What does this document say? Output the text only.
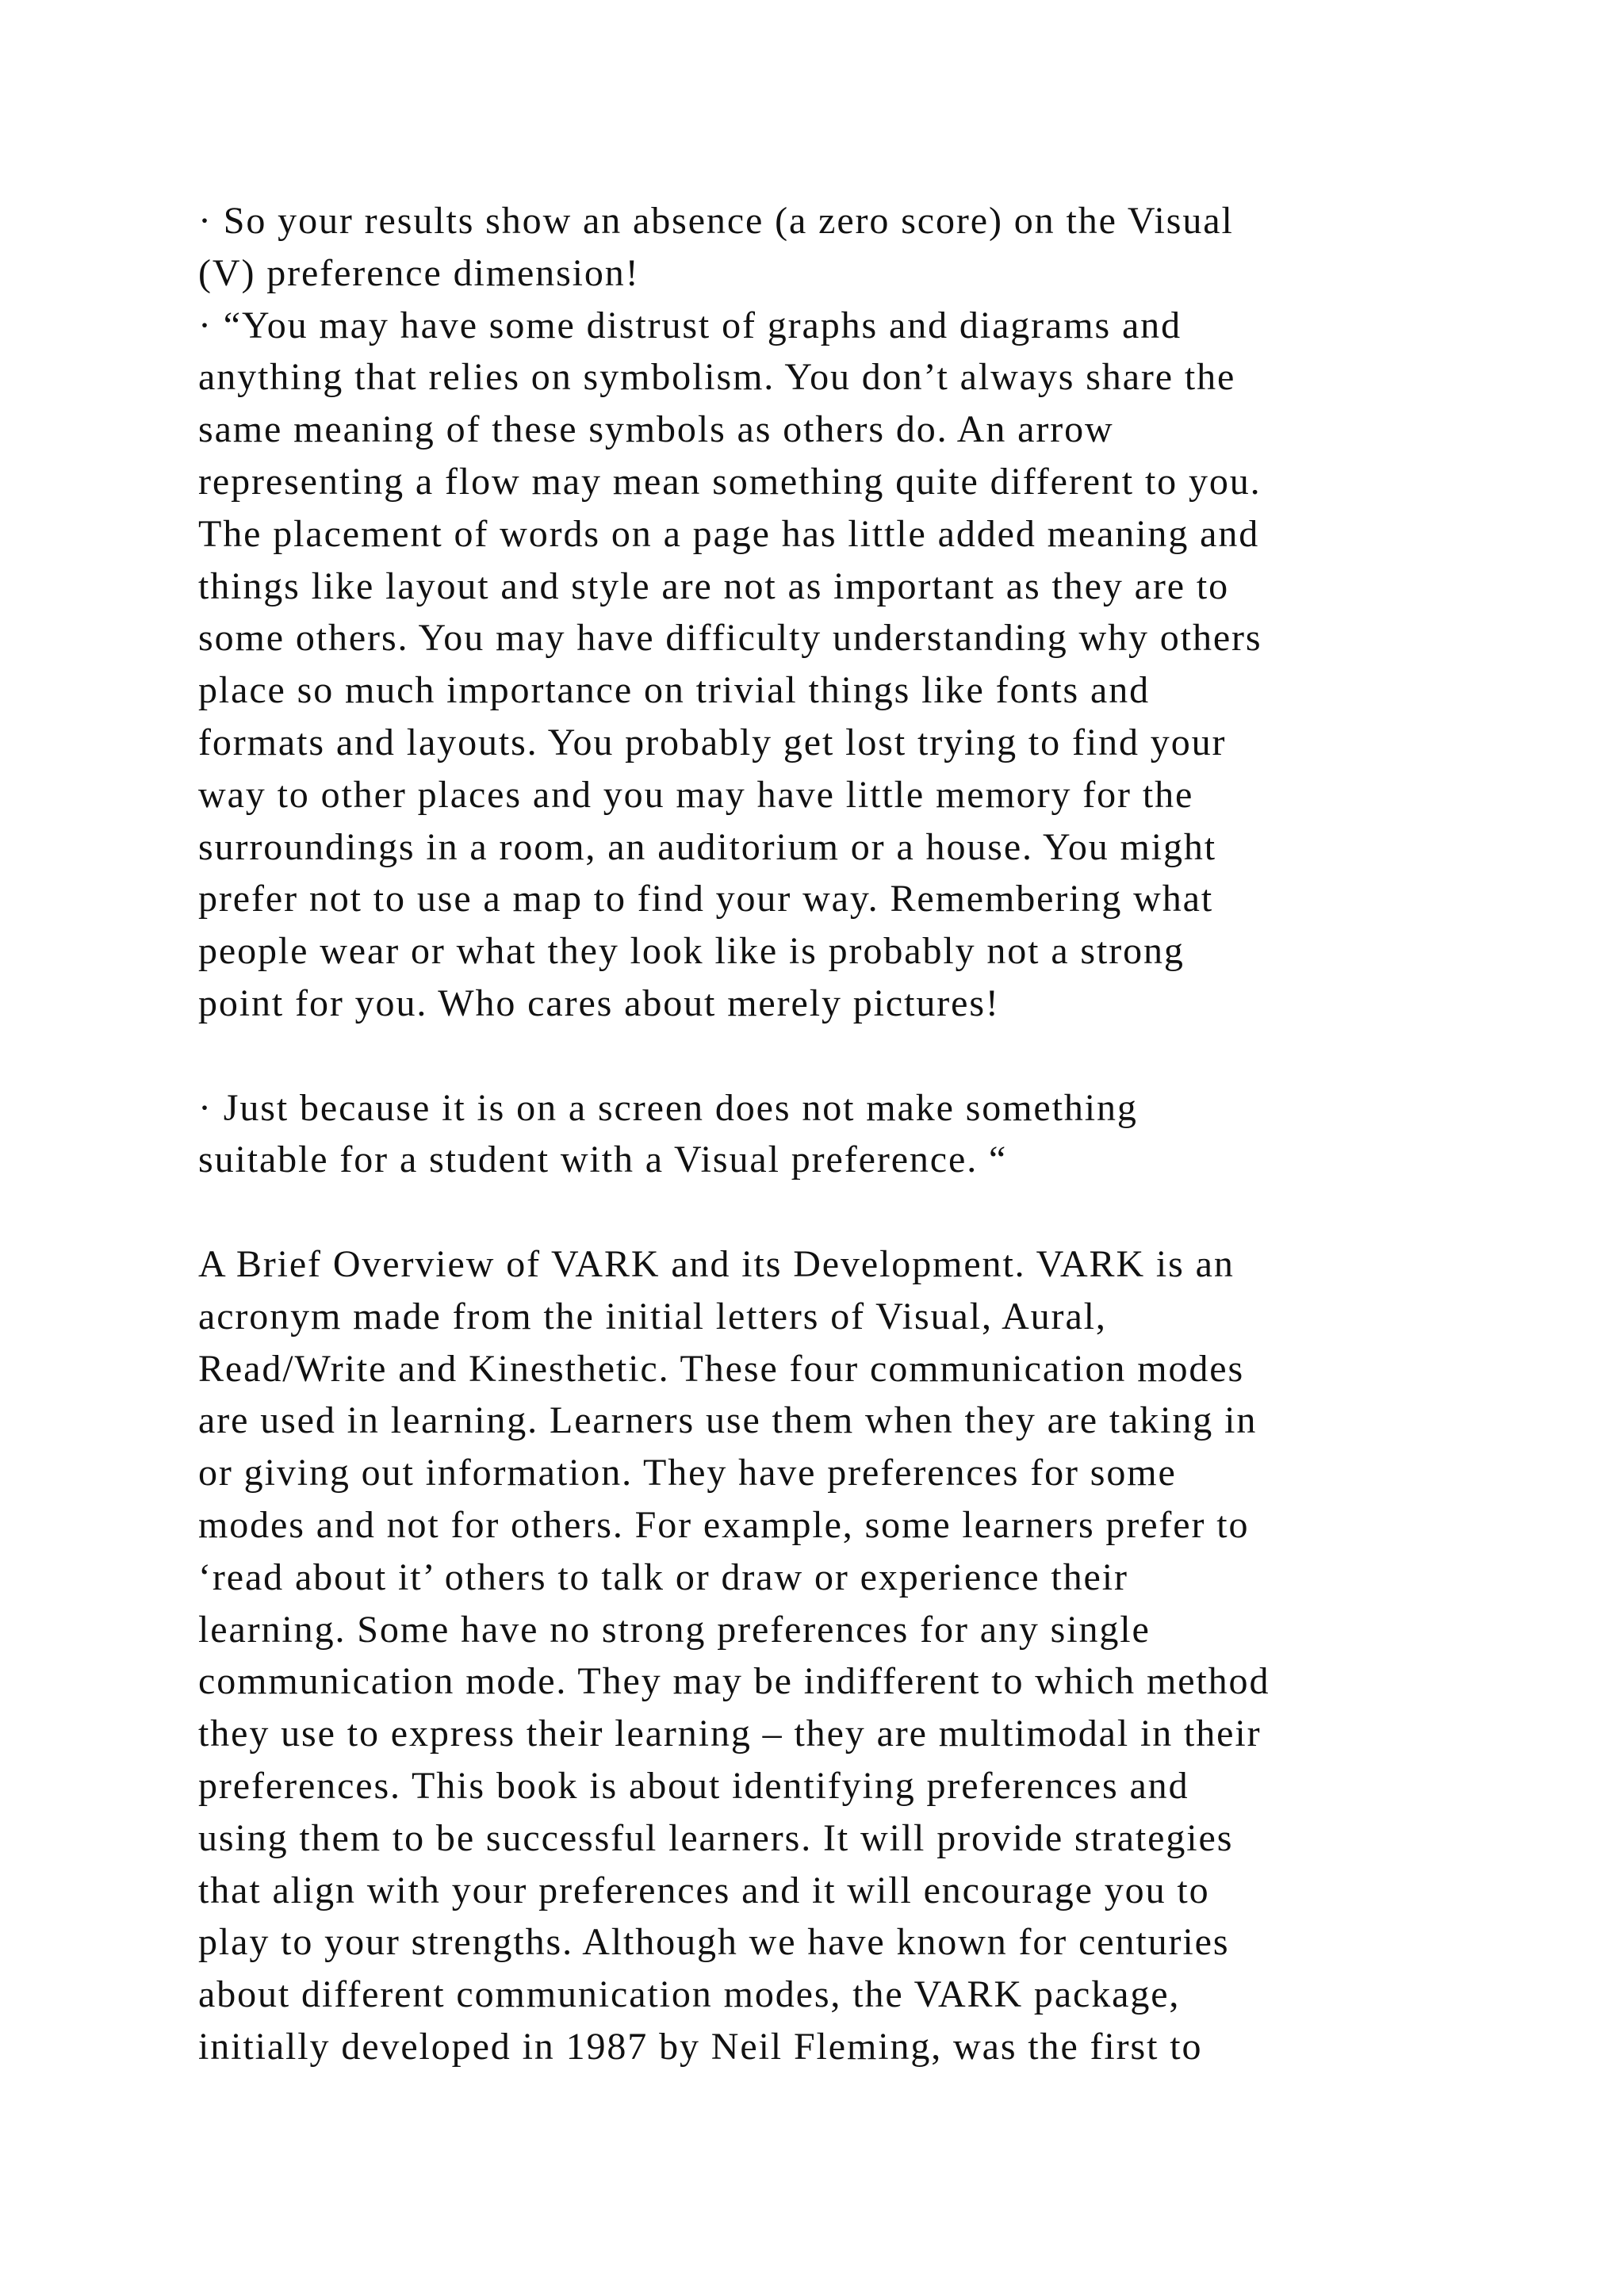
· So your results show an absence (a zero score) on the Visual
(V) preference dimension!
· “You may have some distrust of graphs and diagrams and
anything that relies on symbolism. You don’t always share the
same meaning of these symbols as others do. An arrow
representing a flow may mean something quite different to you.
The placement of words on a page has little added meaning and
things like layout and style are not as important as they are to
some others. You may have difficulty understanding why others
place so much importance on trivial things like fonts and
formats and layouts. You probably get lost trying to find your
way to other places and you may have little memory for the
surroundings in a room, an auditorium or a house. You might
prefer not to use a map to find your way. Remembering what
people wear or what they look like is probably not a strong
point for you. Who cares about merely pictures!
· Just because it is on a screen does not make something
suitable for a student with a Visual preference. “
A Brief Overview of VARK and its Development. VARK is an
acronym made from the initial letters of Visual, Aural,
Read/Write and Kinesthetic. These four communication modes
are used in learning. Learners use them when they are taking in
or giving out information. They have preferences for some
modes and not for others. For example, some learners prefer to
‘read about it’ others to talk or draw or experience their
learning. Some have no strong preferences for any single
communication mode. They may be indifferent to which method
they use to express their learning – they are multimodal in their
preferences. This book is about identifying preferences and
using them to be successful learners. It will provide strategies
that align with your preferences and it will encourage you to
play to your strengths. Although we have known for centuries
about different communication modes, the VARK package,
initially developed in 1987 by Neil Fleming, was the first to
